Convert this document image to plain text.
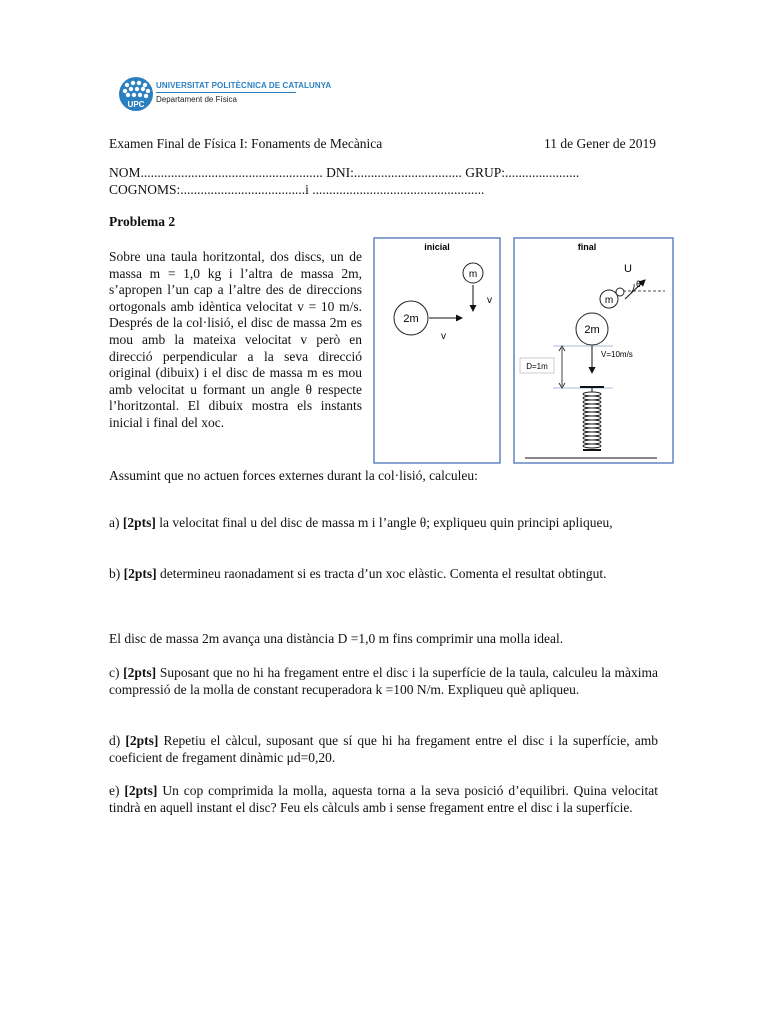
UPC
UNIVERSITAT POLITÈCNICA DE CATALUNYA
Departament de Física
Examen Final de Física I: Fonaments de Mecànica	11 de Gener de 2019
NOM...................................................... DNI:................................ GRUP:......................
COGNOMS:.....................................i ...................................................
Problema 2
Sobre una taula horitzontal, dos discs, un de massa m = 1,0 kg i l’altra de massa 2m, s’apropen l’un cap a l’altre des de direccions ortogonals amb idèntica velocitat v = 10 m/s. Després de la col·lisió, el disc de massa 2m es mou amb la mateixa velocitat v però en direcció perpendicular a la seva direcció original (dibuix) i el disc de massa m es mou amb velocitat u formant un angle θ respecte l’horitzontal. El dibuix mostra els instants inicial i final del xoc.
inicial
m
v
2m
v
final
U
θ
m
2m
V=10m/s
D=1m
Assumint que no actuen forces externes durant la col·lisió, calculeu:
a) [2pts] la velocitat final u del disc de massa m i l’angle θ; expliqueu quin principi apliqueu,
b) [2pts] determineu raonadament si es tracta d’un xoc elàstic. Comenta el resultat obtingut.
El disc de massa 2m avança una distància D =1,0 m fins comprimir una molla ideal.
c) [2pts] Suposant que no hi ha fregament entre el disc i la superfície de la taula, calculeu la màxima compressió de la molla de constant recuperadora k =100 N/m. Expliqueu què apliqueu.
d) [2pts] Repetiu el càlcul, suposant que sí que hi ha fregament entre el disc i la superfície, amb coeficient de fregament dinàmic μd=0,20.
e) [2pts] Un cop comprimida la molla, aquesta torna a la seva posició d’equilibri. Quina velocitat tindrà en aquell instant el disc? Feu els càlculs amb i sense fregament entre el disc i la superfície.
